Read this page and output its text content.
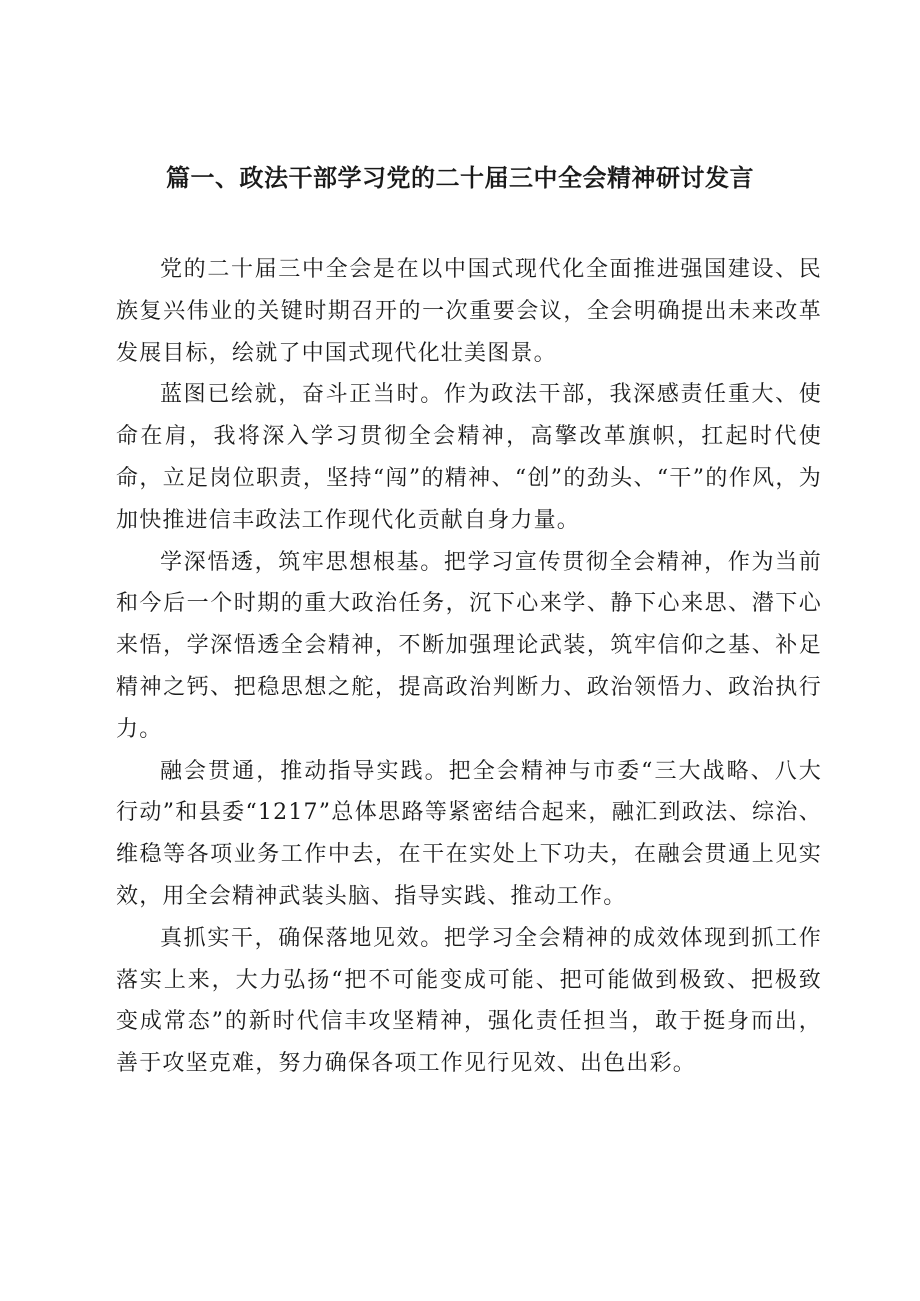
篇一、政法干部学习党的二十届三中全会精神研讨发言

党的二十届三中全会是在以中国式现代化全面推进强国建设、民族复兴伟业的关键时期召开的一次重要会议，全会明确提出未来改革发展目标，绘就了中国式现代化壮美图景。

蓝图已绘就，奋斗正当时。作为政法干部，我深感责任重大、使命在肩，我将深入学习贯彻全会精神，高擎改革旗帜，扛起时代使命，立足岗位职责，坚持“闯”的精神、“创”的劲头、“干”的作风，为加快推进信丰政法工作现代化贡献自身力量。

学深悟透，筑牢思想根基。把学习宣传贯彻全会精神，作为当前和今后一个时期的重大政治任务，沉下心来学、静下心来思、潜下心来悟，学深悟透全会精神，不断加强理论武装，筑牢信仰之基、补足精神之钙、把稳思想之舵，提高政治判断力、政治领悟力、政治执行力。

融会贯通，推动指导实践。把全会精神与市委“三大战略、八大行动”和县委“1217”总体思路等紧密结合起来，融汇到政法、综治、维稳等各项业务工作中去，在干在实处上下功夫，在融会贯通上见实效，用全会精神武装头脑、指导实践、推动工作。

真抓实干，确保落地见效。把学习全会精神的成效体现到抓工作落实上来，大力弘扬“把不可能变成可能、把可能做到极致、把极致变成常态”的新时代信丰攻坚精神，强化责任担当，敢于挺身而出，善于攻坚克难，努力确保各项工作见行见效、出色出彩。
